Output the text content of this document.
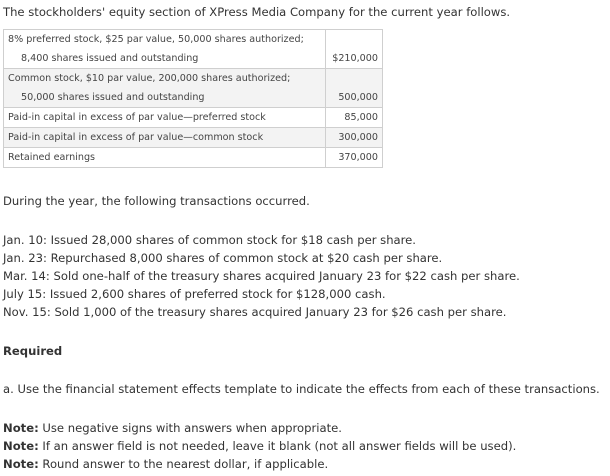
The stockholders' equity section of XPress Media Company for the current year follows.
8% preferred stock, $25 par value, 50,000 shares authorized;	
8,400 shares issued and outstanding	$210,000
Common stock, $10 par value, 200,000 shares authorized;	
50,000 shares issued and outstanding	500,000
Paid-in capital in excess of par value—preferred stock	85,000
Paid-in capital in excess of par value—common stock	300,000
Retained earnings	370,000
During the year, the following transactions occurred.
Jan. 10: Issued 28,000 shares of common stock for $18 cash per share.
Jan. 23: Repurchased 8,000 shares of common stock at $20 cash per share.
Mar. 14: Sold one-half of the treasury shares acquired January 23 for $22 cash per share.
July 15: Issued 2,600 shares of preferred stock for $128,000 cash.
Nov. 15: Sold 1,000 of the treasury shares acquired January 23 for $26 cash per share.
Required
a. Use the financial statement effects template to indicate the effects from each of these transactions.
Note: Use negative signs with answers when appropriate.
Note: If an answer field is not needed, leave it blank (not all answer fields will be used).
Note: Round answer to the nearest dollar, if applicable.
